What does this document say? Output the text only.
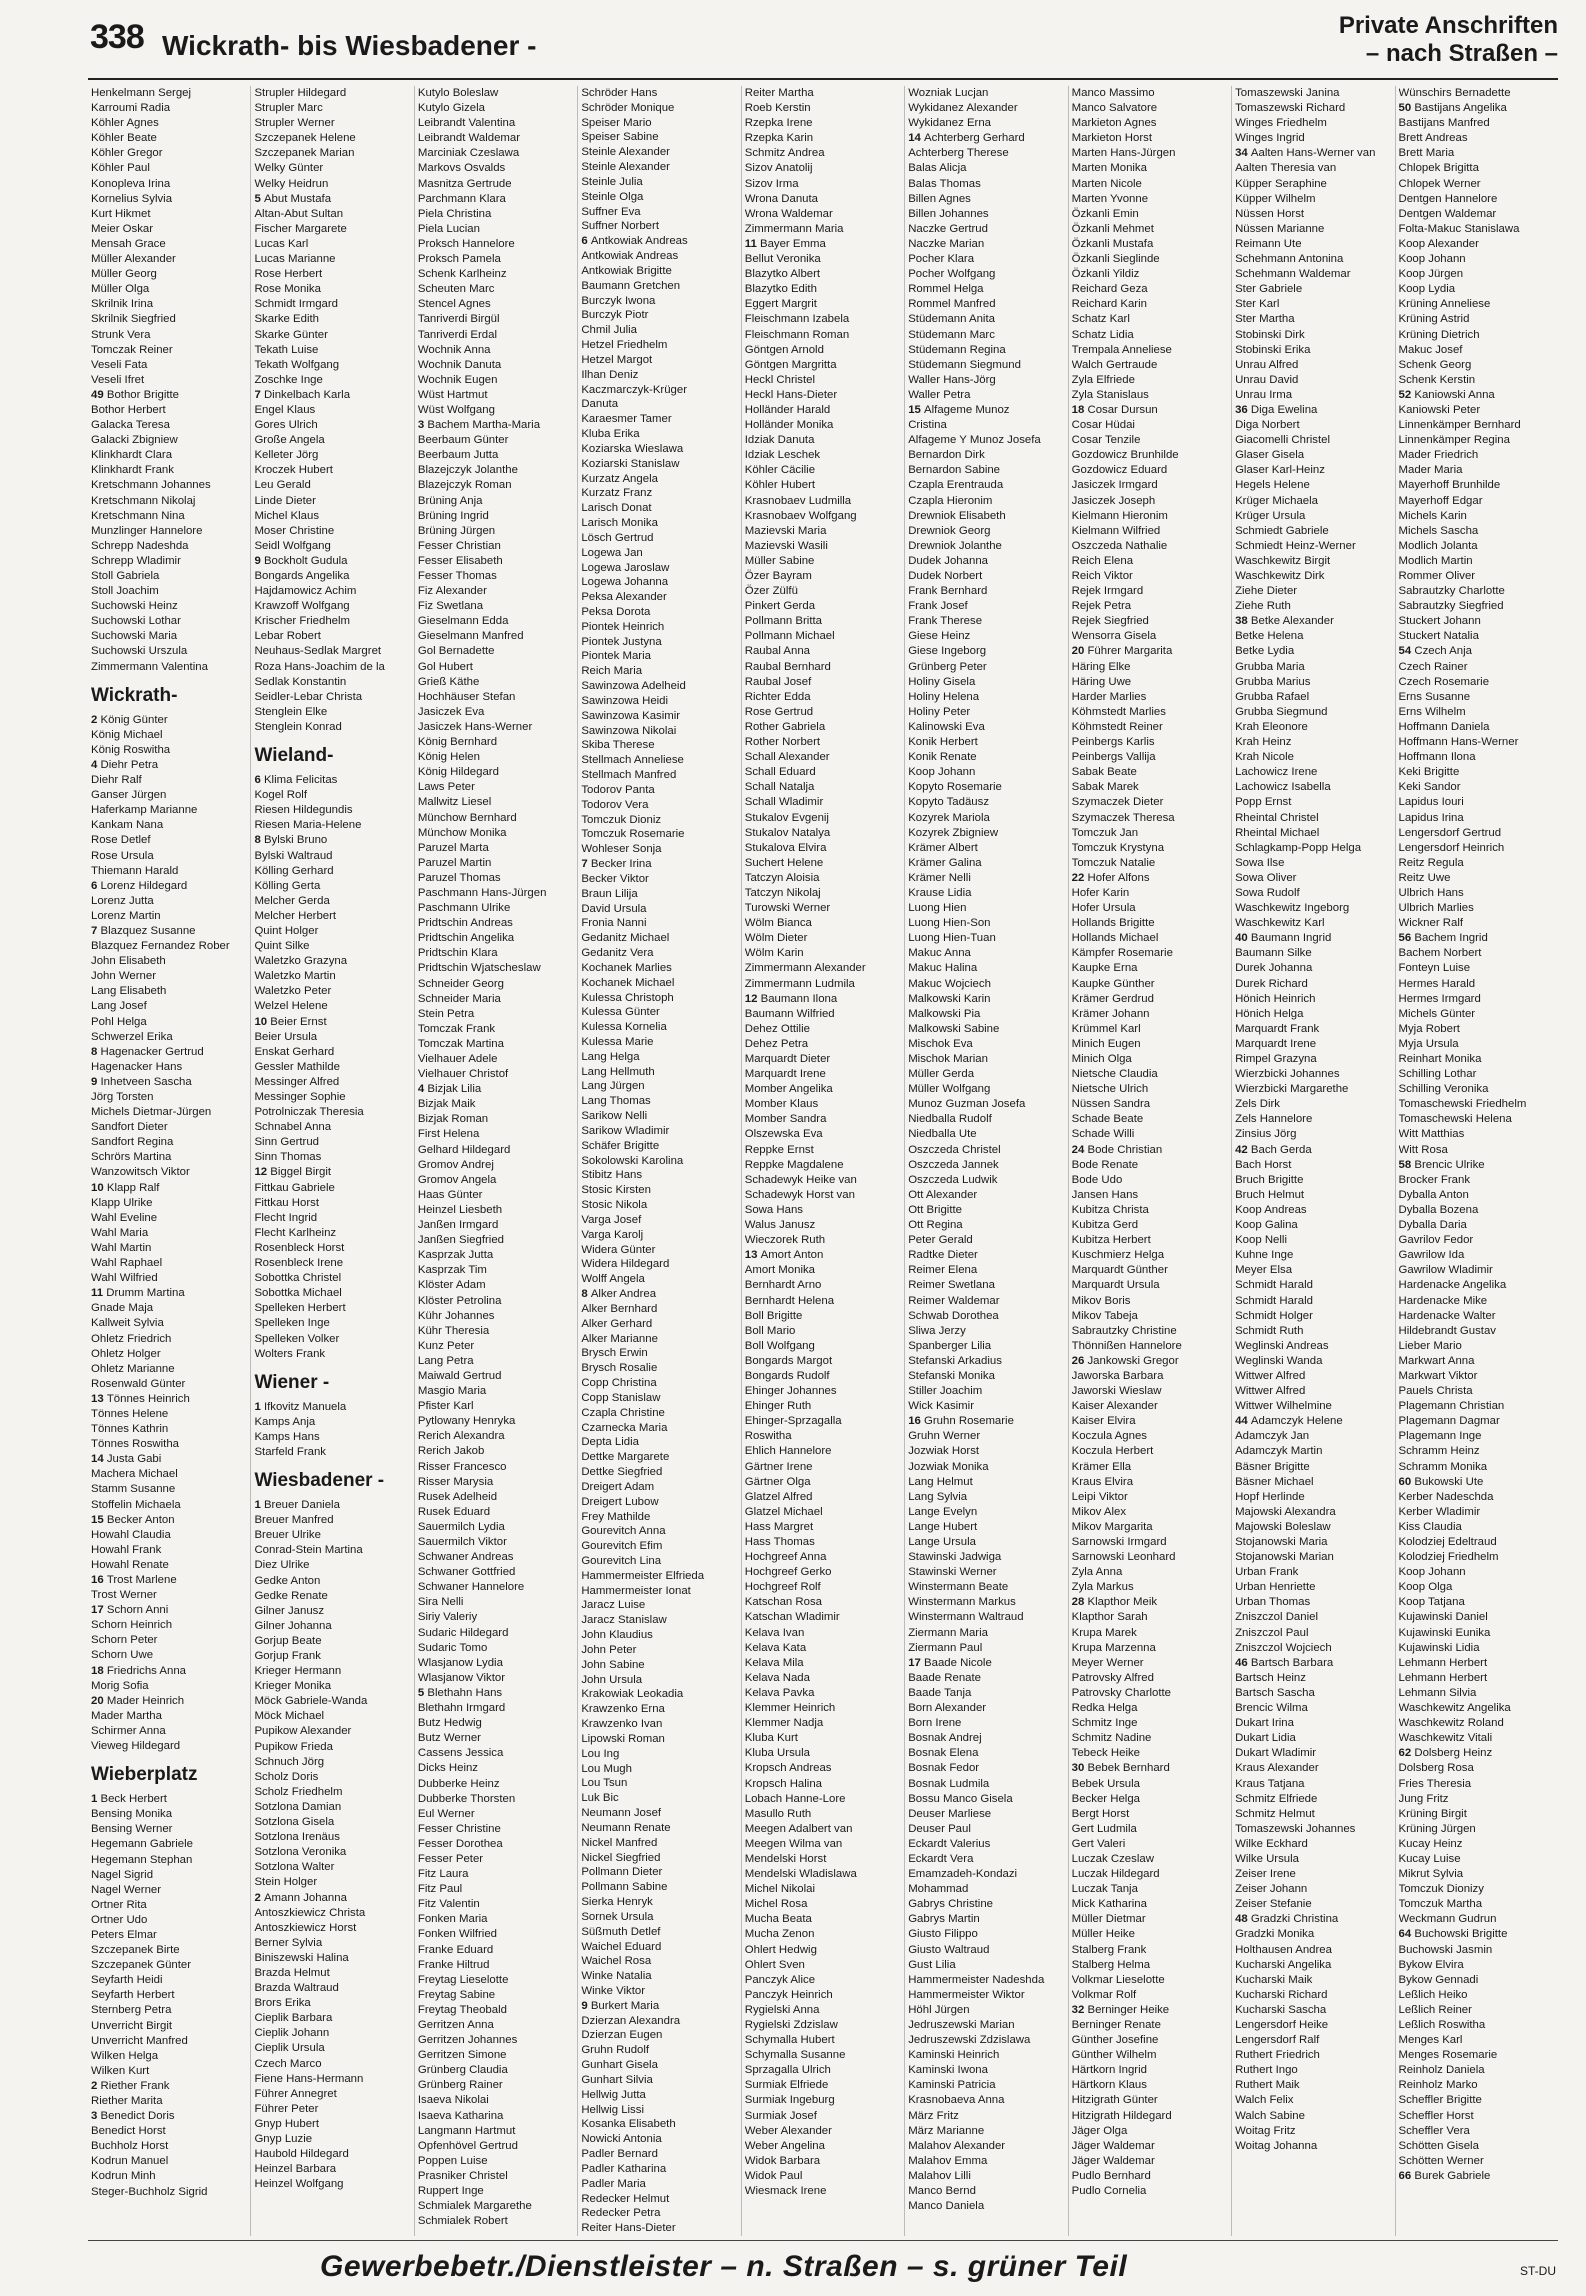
338 Wickrath- bis Wiesbadener -
Private Anschriften
– nach Straßen –
Henkelmann Sergej
Karroumi Radia
Köhler Agnes
Köhler Beate
Köhler Gregor
Köhler Paul
Konopleva Irina
Kornelius Sylvia
Kurt Hikmet
Meier Oskar
Mensah Grace
Müller Alexander
Müller Georg
Müller Olga
Skrilnik Irina
Skrilnik Siegfried
Strunk Vera
Tomczak Reiner
Veseli Fata
Veseli Ifret
49 Bothor Brigitte
Bothor Herbert
Galacka Teresa
Galacki Zbigniew
Klinkhardt Clara
Klinkhardt Frank
Kretschmann Johannes
Kretschmann Nikolaj
Kretschmann Nina
Munzlinger Hannelore
Schrepp Nadeshda
Schrepp Wladimir
Stoll Gabriela
Stoll Joachim
Suchowski Heinz
Suchowski Lothar
Suchowski Maria
Suchowski Urszula
Zimmermann Valentina
Wickrath-
2 König Günter
König Michael
König Roswitha
4 Diehr Petra
Diehr Ralf
Ganser Jürgen
Haferkamp Marianne
Kankam Nana
Rose Detlef
Rose Ursula
Thiemann Harald
6 Lorenz Hildegard
Lorenz Jutta
Lorenz Martin
7 Blazquez Susanne
Blazquez Fernandez Rober
John Elisabeth
John Werner
Lang Elisabeth
Lang Josef
Pohl Helga
Schwerzel Erika
8 Hagenacker Gertrud
Hagenacker Hans
9 Inhetveen Sascha
Jörg Torsten
Michels Dietmar-Jürgen
Sandfort Dieter
Sandfort Regina
Schrörs Martina
Wanzowitsch Viktor
10 Klapp Ralf
Klapp Ulrike
Wahl Eveline
Wahl Maria
Wahl Martin
Wahl Raphael
Wahl Wilfried
11 Drumm Martina
Gnade Maja
Kallweit Sylvia
Ohletz Friedrich
Ohletz Holger
Ohletz Marianne
Rosenwald Günter
13 Tönnes Heinrich
Tönnes Helene
Tönnes Kathrin
Tönnes Roswitha
14 Justa Gabi
Machera Michael
Stamm Susanne
Stoffelin Michaela
15 Becker Anton
Howahl Claudia
Howahl Frank
Howahl Renate
16 Trost Marlene
Trost Werner
17 Schorn Anni
Schorn Heinrich
Schorn Peter
Schorn Uwe
18 Friedrichs Anna
Morig Sofia
20 Mader Heinrich
Mader Martha
Schirmer Anna
Vieweg Hildegard
Wieberplatz
1 Beck Herbert
Bensing Monika
Bensing Werner
Hegemann Gabriele
Hegemann Stephan
Nagel Sigrid
Nagel Werner
Ortner Rita
Ortner Udo
Peters Elmar
Szczepanek Birte
Szczepanek Günter
Seyfarth Heidi
Seyfarth Herbert
Sternberg Petra
Unverricht Birgit
Unverricht Manfred
Wilken Helga
Wilken Kurt
2 Riether Frank
Riether Marita
3 Benedict Doris
Benedict Horst
Buchholz Horst
Kodrun Manuel
Kodrun Minh
Steger-Buchholz Sigrid
Strupler Hildegard
Strupler Marc
Strupler Werner
Szczepanek Helene
Szczepanek Marian
Welky Günter
Welky Heidrun
5 Abut Mustafa
Altan-Abut Sultan
Fischer Margarete
Lucas Karl
Lucas Marianne
Rose Herbert
Rose Monika
Schmidt Irmgard
Skarke Edith
Skarke Günter
Tekath Luise
Tekath Wolfgang
Zoschke Inge
7 Dinkelbach Karla
Engel Klaus
Gores Ulrich
Große Angela
Kelleter Jörg
Kroczek Hubert
Leu Gerald
Linde Dieter
Michel Klaus
Moser Christine
Seidl Wolfgang
9 Bockholt Gudula
Bongards Angelika
Hajdamowicz Achim
Krawzoff Wolfgang
Krischer Friedhelm
Lebar Robert
Neuhaus-Sedlak Margret
Roza Hans-Joachim de la
Sedlak Konstantin
Seidler-Lebar Christa
Stenglein Elke
Stenglein Konrad
Wieland-
6 Klima Felicitas
Kogel Rolf
Riesen Hildegundis
Riesen Maria-Helene
8 Bylski Bruno
Bylski Waltraud
Kölling Gerhard
Kölling Gerta
Melcher Gerda
Melcher Herbert
Quint Holger
Quint Silke
Waletzko Grazyna
Waletzko Martin
Waletzko Peter
Welzel Helene
10 Beier Ernst
Beier Ursula
Enskat Gerhard
Gessler Mathilde
Messinger Alfred
Messinger Sophie
Potrolniczak Theresia
Schnabel Anna
Sinn Gertrud
Sinn Thomas
12 Biggel Birgit
Fittkau Gabriele
Fittkau Horst
Flecht Ingrid
Flecht Karlheinz
Rosenbleck Horst
Rosenbleck Irene
Sobottka Christel
Sobottka Michael
Spelleken Herbert
Spelleken Inge
Spelleken Volker
Wolters Frank
Wiener -
1 Ifkovitz Manuela
Kamps Anja
Kamps Hans
Starfeld Frank
Wiesbadener -
1 Breuer Daniela
Breuer Manfred
Breuer Ulrike
Conrad-Stein Martina
Diez Ulrike
Gedke Anton
Gedke Renate
Gilner Janusz
Gilner Johanna
Gorjup Beate
Gorjup Frank
Krieger Hermann
Krieger Monika
Möck Gabriele-Wanda
Möck Michael
Pupikow Alexander
Pupikow Frieda
Schnuch Jörg
Scholz Doris
Scholz Friedhelm
Sotzlona Damian
Sotzlona Gisela
Sotzlona Irenäus
Sotzlona Veronika
Sotzlona Walter
Stein Holger
2 Amann Johanna
Antoszkiewicz Christa
Antoszkiewicz Horst
Berner Sylvia
Biniszewski Halina
Brazda Helmut
Brazda Waltraud
Brors Erika
Cieplik Barbara
Cieplik Johann
Cieplik Ursula
Czech Marco
Fiene Hans-Hermann
Führer Annegret
Führer Peter
Gnyp Hubert
Gnyp Luzie
Haubold Hildegard
Heinzel Barbara
Heinzel Wolfgang
Kutylo Boleslaw
Kutylo Gizela
Leibrandt Valentina
Leibrandt Waldemar
Marciniak Czeslawa
Markovs Osvalds
Masnitza Gertrude
Parchmann Klara
Piela Christina
Piela Lucian
Proksch Hannelore
Proksch Pamela
Schenk Karlheinz
Scheuten Marc
Stencel Agnes
Tanriverdi Birgül
Tanriverdi Erdal
Wochnik Anna
Wochnik Danuta
Wochnik Eugen
Wüst Hartmut
Wüst Wolfgang
3 Bachem Martha-Maria
Beerbaum Günter
Beerbaum Jutta
Blazejczyk Jolanthe
Blazejczyk Roman
Brüning Anja
Brüning Ingrid
Brüning Jürgen
Fesser Christian
Fesser Elisabeth
Fesser Thomas
Fiz Alexander
Fiz Swetlana
Gieselmann Edda
Gieselmann Manfred
Gol Bernadette
Gol Hubert
Grieß Käthe
Hochhäuser Stefan
Jasiczek Eva
Jasiczek Hans-Werner
König Bernhard
König Helen
König Hildegard
Laws Peter
Mallwitz Liesel
Münchow Bernhard
Münchow Monika
Paruzel Marta
Paruzel Martin
Paruzel Thomas
Paschmann Hans-Jürgen
Paschmann Ulrike
Pridtschin Andreas
Pridtschin Angelika
Pridtschin Klara
Pridtschin Wjatscheslaw
Schneider Georg
Schneider Maria
Stein Petra
Tomczak Frank
Tomczak Martina
Vielhauer Adele
Vielhauer Christof
4 Bizjak Lilia
Bizjak Maik
Bizjak Roman
First Helena
Gelhard Hildegard
Gromov Andrej
Gromov Angela
Haas Günter
Heinzel Liesbeth
Janßen Irmgard
Janßen Siegfried
Kasprzak Jutta
Kasprzak Tim
Klöster Adam
Klöster Petrolina
Kühr Johannes
Kühr Theresia
Kunz Peter
Lang Petra
Maiwald Gertrud
Masgio Maria
Pfister Karl
Pytlowany Henryka
Rerich Alexandra
Rerich Jakob
Risser Francesco
Risser Marysia
Rusek Adelheid
Rusek Eduard
Sauermilch Lydia
Sauermilch Viktor
Schwaner Andreas
Schwaner Gottfried
Schwaner Hannelore
Sira Nelli
Siriy Valeriy
Sudaric Hildegard
Sudaric Tomo
Wlasjanow Lydia
Wlasjanow Viktor
5 Blethahn Hans
Blethahn Irmgard
Butz Hedwig
Butz Werner
Cassens Jessica
Dicks Heinz
Dubberke Heinz
Dubberke Thorsten
Eul Werner
Fesser Christine
Fesser Dorothea
Fesser Peter
Fitz Laura
Fitz Paul
Fitz Valentin
Fonken Maria
Fonken Wilfried
Franke Eduard
Franke Hiltrud
Freytag Lieselotte
Freytag Sabine
Freytag Theobald
Gerritzen Anna
Gerritzen Johannes
Gerritzen Simone
Grünberg Claudia
Grünberg Rainer
Isaeva Nikolai
Isaeva Katharina
Langmann Hartmut
Opfenhövel Gertrud
Poppen Luise
Prasniker Christel
Ruppert Inge
Schmialek Margarethe
Schmialek Robert
Schröder Hans
Schröder Monique
Speiser Mario
Speiser Sabine
Steinle Alexander
Steinle Alexander
Steinle Julia
Steinle Olga
Suffner Eva
Suffner Norbert
6 Antkowiak Andreas
Antkowiak Andreas
Antkowiak Brigitte
Baumann Gretchen
Burczyk Iwona
Burczyk Piotr
Chmil Julia
Hetzel Friedhelm
Hetzel Margot
Ilhan Deniz
Kaczmarczyk-Krüger
Danuta
Karaesmer Tamer
Kluba Erika
Koziarska Wieslawa
Koziarski Stanislaw
Kurzatz Angela
Kurzatz Franz
Larisch Donat
Larisch Monika
Lösch Gertrud
Logewa Jan
Logewa Jaroslaw
Logewa Johanna
Peksa Alexander
Peksa Dorota
Piontek Heinrich
Piontek Justyna
Piontek Maria
Reich Maria
Sawinzowa Adelheid
Sawinzowa Heidi
Sawinzowa Kasimir
Sawinzowa Nikolai
Skiba Therese
Stellmach Anneliese
Stellmach Manfred
Todorov Panta
Todorov Vera
Tomczuk Dioniz
Tomczuk Rosemarie
Wohleser Sonja
7 Becker Irina
Becker Viktor
Braun Lilija
David Ursula
Fronia Nanni
Gedanitz Michael
Gedanitz Vera
Kochanek Marlies
Kochanek Michael
Kulessa Christoph
Kulessa Günter
Kulessa Kornelia
Kulessa Marie
Lang Helga
Lang Hellmuth
Lang Jürgen
Lang Thomas
Sarikow Nelli
Sarikow Wladimir
Schäfer Brigitte
Sokolowski Karolina
Stibitz Hans
Stosic Kirsten
Stosic Nikola
Varga Josef
Varga Karolj
Widera Günter
Widera Hildegard
Wolff Angela
8 Alker Andrea
Alker Bernhard
Alker Gerhard
Alker Marianne
Brysch Erwin
Brysch Rosalie
Copp Christina
Copp Stanislaw
Czapla Christine
Czarnecka Maria
Depta Lidia
Dettke Margarete
Dettke Siegfried
Dreigert Adam
Dreigert Lubow
Frey Mathilde
Gourevitch Anna
Gourevitch Efim
Gourevitch Lina
Hammermeister Elfrieda
Hammermeister Ionat
Jaracz Luise
Jaracz Stanislaw
John Klaudius
John Peter
John Sabine
John Ursula
Krakowiak Leokadia
Krawzenko Erna
Krawzenko Ivan
Lipowski Roman
Lou Ing
Lou Mugh
Lou Tsun
Luk Bic
Neumann Josef
Neumann Renate
Nickel Manfred
Nickel Siegfried
Pollmann Dieter
Pollmann Sabine
Sierka Henryk
Sornek Ursula
Süßmuth Detlef
Waichel Eduard
Waichel Rosa
Winke Natalia
Winke Viktor
9 Burkert Maria
Dzierzan Alexandra
Dzierzan Eugen
Gruhn Rudolf
Gunhart Gisela
Gunhart Silvia
Hellwig Jutta
Hellwig Lissi
Kosanka Elisabeth
Nowicki Antonia
Padler Bernard
Padler Katharina
Padler Maria
Redecker Helmut
Redecker Petra
Reiter Hans-Dieter
Reiter Martha
Roeb Kerstin
Rzepka Irene
Rzepka Karin
Schmitz Andrea
Sizov Anatolij
Sizov Irma
Wrona Danuta
Wrona Waldemar
Zimmermann Maria
11 Bayer Emma
Bellut Veronika
Blazytko Albert
Blazytko Edith
Eggert Margrit
Fleischmann Izabela
Fleischmann Roman
Göntgen Arnold
Göntgen Margritta
Heckl Christel
Heckl Hans-Dieter
Holländer Harald
Holländer Monika
Idziak Danuta
Idziak Leschek
Köhler Cäcilie
Köhler Hubert
Krasnobaev Ludmilla
Krasnobaev Wolfgang
Mazievski Maria
Mazievski Wasili
Müller Sabine
Özer Bayram
Özer Zülfü
Pinkert Gerda
Pollmann Britta
Pollmann Michael
Raubal Anna
Raubal Bernhard
Raubal Josef
Richter Edda
Rose Gertrud
Rother Gabriela
Rother Norbert
Schall Alexander
Schall Eduard
Schall Natalja
Schall Wladimir
Stukalov Evgenij
Stukalov Natalya
Stukalova Elvira
Suchert Helene
Tatczyn Aloisia
Tatczyn Nikolaj
Turowski Werner
Wölm Bianca
Wölm Dieter
Wölm Karin
Zimmermann Alexander
Zimmermann Ludmila
12 Baumann Ilona
Baumann Wilfried
Dehez Ottilie
Dehez Petra
Marquardt Dieter
Marquardt Irene
Momber Angelika
Momber Klaus
Momber Sandra
Olszewska Eva
Reppke Ernst
Reppke Magdalene
Schadewyk Heike van
Schadewyk Horst van
Sowa Hans
Walus Janusz
Wieczorek Ruth
13 Amort Anton
Amort Monika
Bernhardt Arno
Bernhardt Helena
Boll Brigitte
Boll Mario
Boll Wolfgang
Bongards Margot
Bongards Rudolf
Ehinger Johannes
Ehinger Ruth
Ehinger-Sprzagalla
Roswitha
Ehlich Hannelore
Gärtner Irene
Gärtner Olga
Glatzel Alfred
Glatzel Michael
Hass Margret
Hass Thomas
Hochgreef Anna
Hochgreef Gerko
Hochgreef Rolf
Katschan Rosa
Katschan Wladimir
Kelava Ivan
Kelava Kata
Kelava Mila
Kelava Nada
Kelava Pavka
Klemmer Heinrich
Klemmer Nadja
Kluba Kurt
Kluba Ursula
Kropsch Andreas
Kropsch Halina
Lobach Hanne-Lore
Masullo Ruth
Meegen Adalbert van
Meegen Wilma van
Mendelski Horst
Mendelski Wladislawa
Michel Nikolai
Michel Rosa
Mucha Beata
Mucha Zenon
Ohlert Hedwig
Ohlert Sven
Panczyk Alice
Panczyk Heinrich
Rygielski Anna
Rygielski Zdzislaw
Schymalla Hubert
Schymalla Susanne
Sprzagalla Ulrich
Surmiak Elfriede
Surmiak Ingeburg
Surmiak Josef
Weber Alexander
Weber Angelina
Widok Barbara
Widok Paul
Wiesmack Irene
Wozniak Lucjan
Wykidanez Alexander
Wykidanez Erna
14 Achterberg Gerhard
Achterberg Therese
Balas Alicja
Balas Thomas
Billen Agnes
Billen Johannes
Naczke Gertrud
Naczke Marian
Pocher Klara
Pocher Wolfgang
Rommel Helga
Rommel Manfred
Stüdemann Anita
Stüdemann Marc
Stüdemann Regina
Stüdemann Siegmund
Waller Hans-Jörg
Waller Petra
15 Alfageme Munoz
Cristina
Alfageme Y Munoz Josefa
Bernardon Dirk
Bernardon Sabine
Czapla Erentrauda
Czapla Hieronim
Drewniok Elisabeth
Drewniok Georg
Drewniok Jolanthe
Dudek Johanna
Dudek Norbert
Frank Bernhard
Frank Josef
Frank Therese
Giese Heinz
Giese Ingeborg
Grünberg Peter
Holiny Gisela
Holiny Helena
Holiny Peter
Kalinowski Eva
Konik Herbert
Konik Renate
Koop Johann
Kopyto Rosemarie
Kopyto Tadäusz
Kozyrek Mariola
Kozyrek Zbigniew
Krämer Albert
Krämer Galina
Krämer Nelli
Krause Lidia
Luong Hien
Luong Hien-Son
Luong Hien-Tuan
Makuc Anna
Makuc Halina
Makuc Wojciech
Malkowski Karin
Malkowski Pia
Malkowski Sabine
Mischok Eva
Mischok Marian
Müller Gerda
Müller Wolfgang
Munoz Guzman Josefa
Niedballa Rudolf
Niedballa Ute
Oszczeda Christel
Oszczeda Jannek
Oszczeda Ludwik
Ott Alexander
Ott Brigitte
Ott Regina
Peter Gerald
Radtke Dieter
Reimer Elena
Reimer Swetlana
Reimer Waldemar
Schwab Dorothea
Sliwa Jerzy
Spanberger Lilia
Stefanski Arkadius
Stefanski Monika
Stiller Joachim
Wick Kasimir
16 Gruhn Rosemarie
Gruhn Werner
Jozwiak Horst
Jozwiak Monika
Lang Helmut
Lang Sylvia
Lange Evelyn
Lange Hubert
Lange Ursula
Stawinski Jadwiga
Stawinski Werner
Winstermann Beate
Winstermann Markus
Winstermann Waltraud
Ziermann Maria
Ziermann Paul
17 Baade Nicole
Baade Renate
Baade Tanja
Born Alexander
Born Irene
Bosnak Andrej
Bosnak Elena
Bosnak Fedor
Bosnak Ludmila
Bossu Manco Gisela
Deuser Marliese
Deuser Paul
Eckardt Valerius
Eckardt Vera
Emamzadeh-Kondazi
Mohammad
Gabrys Christine
Gabrys Martin
Giusto Filippo
Giusto Waltraud
Gust Lilia
Hammermeister Nadeshda
Hammermeister Wiktor
Höhl Jürgen
Jedruszewski Marian
Jedruszewski Zdzislawa
Kaminski Heinrich
Kaminski Iwona
Kaminski Patricia
Krasnobaeva Anna
März Fritz
März Marianne
Malahov Alexander
Malahov Emma
Malahov Lilli
Manco Bernd
Manco Daniela
Manco Massimo
Manco Salvatore
Markieton Agnes
Markieton Horst
Marten Hans-Jürgen
Marten Monika
Marten Nicole
Marten Yvonne
Özkanli Emin
Özkanli Mehmet
Özkanli Mustafa
Özkanli Sieglinde
Özkanli Yildiz
Reichard Geza
Reichard Karin
Schatz Karl
Schatz Lidia
Trempala Anneliese
Walch Gertraude
Zyla Elfriede
Zyla Stanislaus
18 Cosar Dursun
Cosar Hüdai
Cosar Tenzile
Gozdowicz Brunhilde
Gozdowicz Eduard
Jasiczek Irmgard
Jasiczek Joseph
Kielmann Hieronim
Kielmann Wilfried
Oszczeda Nathalie
Reich Elena
Reich Viktor
Rejek Irmgard
Rejek Petra
Rejek Siegfried
Wensorra Gisela
20 Führer Margarita
Häring Elke
Häring Uwe
Harder Marlies
Köhmstedt Marlies
Köhmstedt Reiner
Peinbergs Karlis
Peinbergs Vallija
Sabak Beate
Sabak Marek
Szymaczek Dieter
Szymaczek Theresa
Tomczuk Jan
Tomczuk Krystyna
Tomczuk Natalie
22 Hofer Alfons
Hofer Karin
Hofer Ursula
Hollands Brigitte
Hollands Michael
Kämpfer Rosemarie
Kaupke Erna
Kaupke Günther
Krämer Gerdrud
Krämer Johann
Krümmel Karl
Minich Eugen
Minich Olga
Nietsche Claudia
Nietsche Ulrich
Nüssen Sandra
Schade Beate
Schade Willi
24 Bode Christian
Bode Renate
Bode Udo
Jansen Hans
Kubitza Christa
Kubitza Gerd
Kubitza Herbert
Kuschmierz Helga
Marquardt Günther
Marquardt Ursula
Mikov Boris
Mikov Tabeja
Sabrautzky Christine
Thönnißen Hannelore
26 Jankowski Gregor
Jaworska Barbara
Jaworski Wieslaw
Kaiser Alexander
Kaiser Elvira
Koczula Agnes
Koczula Herbert
Krämer Ella
Kraus Elvira
Leipi Viktor
Mikov Alex
Mikov Margarita
Sarnowski Irmgard
Sarnowski Leonhard
Zyla Anna
Zyla Markus
28 Klapthor Meik
Klapthor Sarah
Krupa Marek
Krupa Marzenna
Meyer Werner
Patrovsky Alfred
Patrovsky Charlotte
Redka Helga
Schmitz Inge
Schmitz Nadine
Tebeck Heike
30 Bebek Bernhard
Bebek Ursula
Becker Helga
Bergt Horst
Gert Ludmila
Gert Valeri
Luczak Czeslaw
Luczak Hildegard
Luczak Tanja
Mick Katharina
Müller Dietmar
Müller Heike
Stalberg Frank
Stalberg Helma
Volkmar Lieselotte
Volkmar Rolf
32 Berninger Heike
Berninger Renate
Günther Josefine
Günther Wilhelm
Härtkorn Ingrid
Härtkorn Klaus
Hitzigrath Günter
Hitzigrath Hildegard
Jäger Olga
Jäger Waldemar
Jäger Waldemar
Pudlo Bernhard
Pudlo Cornelia
Tomaszewski Janina
Tomaszewski Richard
Winges Friedhelm
Winges Ingrid
34 Aalten Hans-Werner van
Aalten Theresia van
Küpper Seraphine
Küpper Wilhelm
Nüssen Horst
Nüssen Marianne
Reimann Ute
Schehmann Antonina
Schehmann Waldemar
Ster Gabriele
Ster Karl
Ster Martha
Stobinski Dirk
Stobinski Erika
Unrau Alfred
Unrau David
Unrau Irma
36 Diga Ewelina
Diga Norbert
Giacomelli Christel
Glaser Gisela
Glaser Karl-Heinz
Hegels Helene
Krüger Michaela
Krüger Ursula
Schmiedt Gabriele
Schmiedt Heinz-Werner
Waschkewitz Birgit
Waschkewitz Dirk
Ziehe Dieter
Ziehe Ruth
38 Betke Alexander
Betke Helena
Betke Lydia
Grubba Maria
Grubba Marius
Grubba Rafael
Grubba Siegmund
Krah Eleonore
Krah Heinz
Krah Nicole
Lachowicz Irene
Lachowicz Isabella
Popp Ernst
Rheintal Christel
Rheintal Michael
Schlagkamp-Popp Helga
Sowa Ilse
Sowa Oliver
Sowa Rudolf
Waschkewitz Ingeborg
Waschkewitz Karl
40 Baumann Ingrid
Baumann Silke
Durek Johanna
Durek Richard
Hönich Heinrich
Hönich Helga
Marquardt Frank
Marquardt Irene
Rimpel Grazyna
Wierzbicki Johannes
Wierzbicki Margarethe
Zels Dirk
Zels Hannelore
Zinsius Jörg
42 Bach Gerda
Bach Horst
Bruch Brigitte
Bruch Helmut
Koop Andreas
Koop Galina
Koop Nelli
Kuhne Inge
Meyer Elsa
Schmidt Harald
Schmidt Harald
Schmidt Holger
Schmidt Ruth
Weglinski Andreas
Weglinski Wanda
Wittwer Alfred
Wittwer Alfred
Wittwer Wilhelmine
44 Adamczyk Helene
Adamczyk Jan
Adamczyk Martin
Bäsner Brigitte
Bäsner Michael
Hopf Herlinde
Majowski Alexandra
Majowski Boleslaw
Stojanowski Maria
Stojanowski Marian
Urban Frank
Urban Henriette
Urban Thomas
Zniszczol Daniel
Zniszczol Paul
Zniszczol Wojciech
46 Bartsch Barbara
Bartsch Heinz
Bartsch Sascha
Brencic Wilma
Dukart Irina
Dukart Lidia
Dukart Wladimir
Kraus Alexander
Kraus Tatjana
Schmitz Elfriede
Schmitz Helmut
Tomaszewski Johannes
Wilke Eckhard
Wilke Ursula
Zeiser Irene
Zeiser Johann
Zeiser Stefanie
48 Gradzki Christina
Gradzki Monika
Holthausen Andrea
Kucharski Angelika
Kucharski Maik
Kucharski Richard
Kucharski Sascha
Lengersdorf Heike
Lengersdorf Ralf
Ruthert Friedrich
Ruthert Ingo
Ruthert Maik
Walch Felix
Walch Sabine
Woitag Fritz
Woitag Johanna
Wünschirs Bernadette
50 Bastijans Angelika
Bastijans Manfred
Brett Andreas
Brett Maria
Chlopek Brigitta
Chlopek Werner
Dentgen Hannelore
Dentgen Waldemar
Folta-Makuc Stanislawa
Koop Alexander
Koop Johann
Koop Jürgen
Koop Lydia
Krüning Anneliese
Krüning Astrid
Krüning Dietrich
Makuc Josef
Schenk Georg
Schenk Kerstin
52 Kaniowski Anna
Kaniowski Peter
Linnenkämper Bernhard
Linnenkämper Regina
Mader Friedrich
Mader Maria
Mayerhoff Brunhilde
Mayerhoff Edgar
Michels Karin
Michels Sascha
Modlich Jolanta
Modlich Martin
Rommer Oliver
Sabrautzky Charlotte
Sabrautzky Siegfried
Stuckert Johann
Stuckert Natalia
54 Czech Anja
Czech Rainer
Czech Rosemarie
Erns Susanne
Erns Wilhelm
Hoffmann Daniela
Hoffmann Hans-Werner
Hoffmann Ilona
Keki Brigitte
Keki Sandor
Lapidus Iouri
Lapidus Irina
Lengersdorf Gertrud
Lengersdorf Heinrich
Reitz Regula
Reitz Uwe
Ulbrich Hans
Ulbrich Marlies
Wickner Ralf
56 Bachem Ingrid
Bachem Norbert
Fonteyn Luise
Hermes Harald
Hermes Irmgard
Michels Günter
Myja Robert
Myja Ursula
Reinhart Monika
Schilling Lothar
Schilling Veronika
Tomaschewski Friedhelm
Tomaschewski Helena
Witt Matthias
Witt Rosa
58 Brencic Ulrike
Brocker Frank
Dyballa Anton
Dyballa Bozena
Dyballa Daria
Gavrilov Fedor
Gawrilow Ida
Gawrilow Wladimir
Hardenacke Angelika
Hardenacke Mike
Hardenacke Walter
Hildebrandt Gustav
Lieber Mario
Markwart Anna
Markwart Viktor
Pauels Christa
Plagemann Christian
Plagemann Dagmar
Plagemann Inge
Schramm Heinz
Schramm Monika
60 Bukowski Ute
Kerber Nadeschda
Kerber Wladimir
Kiss Claudia
Kolodziej Edeltraud
Kolodziej Friedhelm
Koop Johann
Koop Olga
Koop Tatjana
Kujawinski Daniel
Kujawinski Eunika
Kujawinski Lidia
Lehmann Herbert
Lehmann Herbert
Lehmann Silvia
Waschkewitz Angelika
Waschkewitz Roland
Waschkewitz Vitali
62 Dolsberg Heinz
Dolsberg Rosa
Fries Theresia
Jung Fritz
Krüning Birgit
Krüning Jürgen
Kucay Heinz
Kucay Luise
Mikrut Sylvia
Tomczuk Dionizy
Tomczuk Martha
Weckmann Gudrun
64 Buchowski Brigitte
Buchowski Jasmin
Bykow Elvira
Bykow Gennadi
Leßlich Heiko
Leßlich Reiner
Leßlich Roswitha
Menges Karl
Menges Rosemarie
Reinholz Daniela
Reinholz Marko
Scheffler Brigitte
Scheffler Horst
Scheffler Vera
Schötten Gisela
Schötten Werner
66 Burek Gabriele
Gewerbebetr./Dienstleister – n. Straßen – s. grüner Teil	ST-DU
